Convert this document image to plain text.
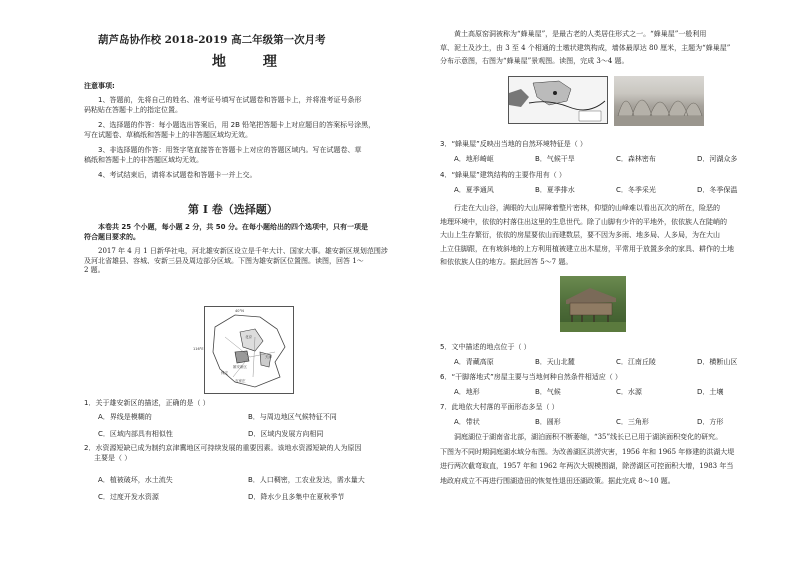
葫芦岛协作校 2018-2019 高二年级第一次月考
地 理
注意事项:
1、答题前，先将自己的姓名、准考证号填写在试题卷和答题卡上，并将准考证号条形
码粘贴在答题卡上的指定位置。
2、选择题的作答：每小题选出答案后，用 2B 铅笔把答题卡上对应题目的答案标号涂黑，
写在试题卷、草稿纸和答题卡上的非答题区域均无效。
3、非选择题的作答：用签字笔直接答在答题卡上对应的答题区域内。写在试题卷、草
稿纸和答题卡上的非答题区域均无效。
4、考试结束后，请将本试题卷和答题卡一并上交。
第 I 卷（选择题）
本卷共 25 个小题，每小题 2 分，共 50 分。在每小题给出的四个选项中，只有一项是
符合题目要求的。
2017 年 4 月 1 日新华社电，河北雄安新区设立是千年大计、国家大事。雄安新区规划范围涉
及河北省雄县、容城、安新三县及周边部分区域。下图为雄安新区位置图。读图，回答 1～
2 题。
40°N
116°E
北京
天津
雄安新区
保定
石家庄
1．关于雄安新区的描述，正确的是（ ）
A．界线是模糊的	B．与周边地区气候特征不同
C．区域内部具有相似性	D．区域内发展方向相同
2．水资源短缺已成为制约京津冀地区可持续发展的重要因素。该地水资源短缺的人为原因
主要是（ ）
A．植被破坏，水土流失	B．人口稠密，工农业发达，需水量大
C．过度开发水资源	D．降水少且多集中在夏秋季节
黄土高原窑洞被称为“蜂巢屋”，是最古老的人类居住形式之一。“蜂巢屋”一般利用
草、泥土及沙土，由 3 至 4 个相通的土墩状建筑构成，墙体最厚达 80 厘米，主题为“蜂巢屋”
分布示意图，右图为“蜂巢屋”景观图。读图，完成 3～4 题。
3．“蜂巢屋”反映出当地的自然环境特征是（ ）
A．地形崎岖	B．气候干旱	C．森林密布	D．河湖众多
4．“蜂巢屋”建筑结构的主要作用有（ ）
A．夏季通风	B．夏季排水	C．冬季采光	D．冬季保温
行走在大山谷，满眼的大山屏障着整片密林，仰望的山峰难以看出瓦次的所在，险恶的
地理环境中，依依的村落住出这里的生息世代。除了山脚有少许的平地外，依依族人在陡峭的
大山上生存繁衍，依依的房屋要依山而建数层，要不因为多雨、地多局、人多局，为在大山
上立住脚跟，在有坡斜地的上方利用植被建立出木屋房，平常用于放置多余的家具、耕作的土地
和依依族人住的地方。据此回答 5～7 题。
5．文中描述的地点位于（ ）
A．青藏高原	B．天山北麓	C．江南丘陵	D．横断山区
6．“干脚落地式”房屋主要与当地何种自然条件相适应（ ）
A．地形	B．气候	C．水源	D．土壤
7．此地依大村落的平面形态多呈（ ）
A．带状	B．圆形	C．三角形	D．方形
洞庭湖位于湖南省北部，湖泊面积不断萎缩，“35”线长已已用于湖滨面积变化的研究。
下图为不同时期洞庭湖水域分布图。为改善湖区洪涝灾害，1956 年和 1965 年修建的洪湖大堤
进行两次截弯取直，1957 年和 1962 年两次大规模围湖，除涝湖区可控面积大增，1983 年当
地政府成立不再进行围湖造田的恢复性退田还湖政策。据此完成 8～10 题。
